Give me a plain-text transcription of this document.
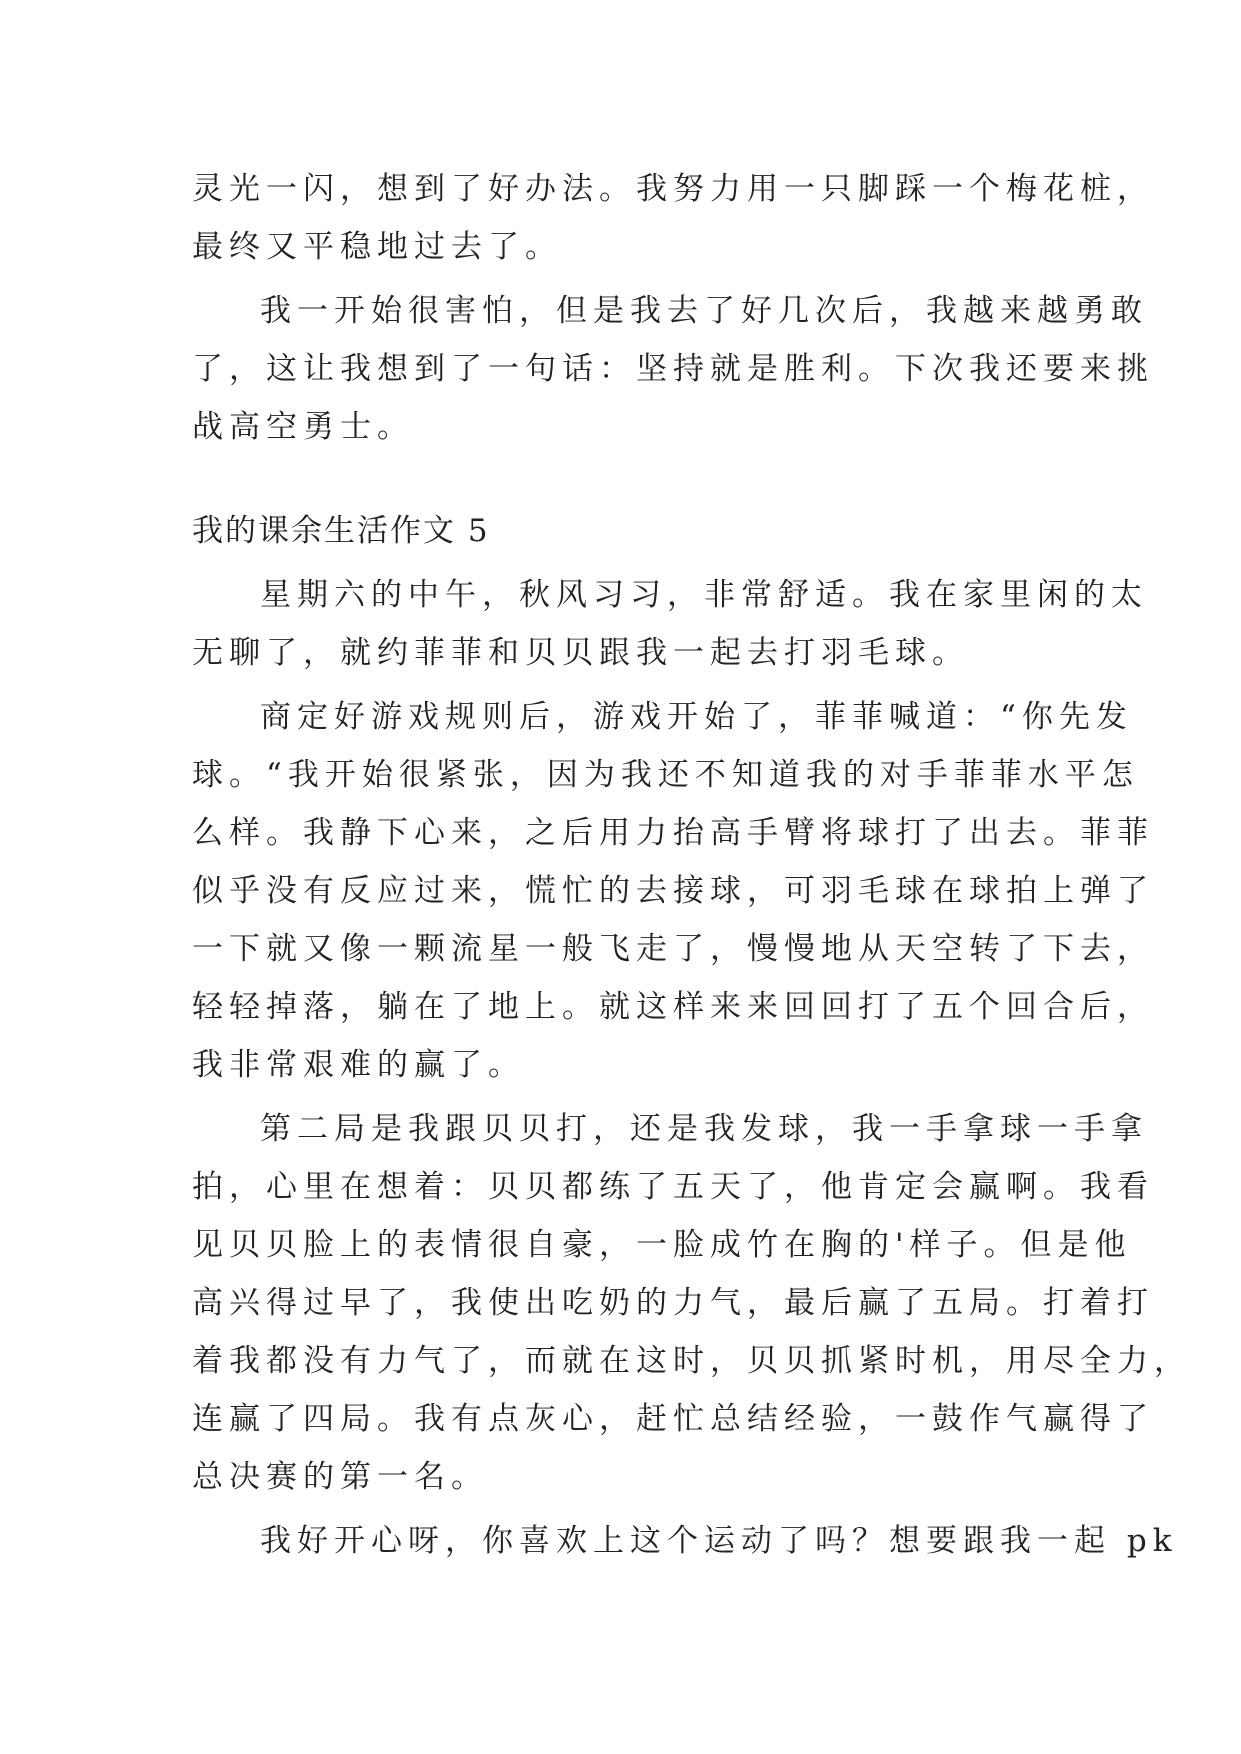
灵光一闪，想到了好办法。我努力用一只脚踩一个梅花桩，
最终又平稳地过去了。
我一开始很害怕，但是我去了好几次后，我越来越勇敢
了，这让我想到了一句话：坚持就是胜利。下次我还要来挑
战高空勇士。
我的课余生活作文 5
星期六的中午，秋风习习，非常舒适。我在家里闲的太
无聊了，就约菲菲和贝贝跟我一起去打羽毛球。
商定好游戏规则后，游戏开始了，菲菲喊道：“你先发
球。“我开始很紧张，因为我还不知道我的对手菲菲水平怎
么样。我静下心来，之后用力抬高手臂将球打了出去。菲菲
似乎没有反应过来，慌忙的去接球，可羽毛球在球拍上弹了
一下就又像一颗流星一般飞走了，慢慢地从天空转了下去，
轻轻掉落，躺在了地上。就这样来来回回打了五个回合后，
我非常艰难的赢了。
第二局是我跟贝贝打，还是我发球，我一手拿球一手拿
拍，心里在想着：贝贝都练了五天了，他肯定会赢啊。我看
见贝贝脸上的表情很自豪，一脸成竹在胸的'样子。但是他
高兴得过早了，我使出吃奶的力气，最后赢了五局。打着打
着我都没有力气了，而就在这时，贝贝抓紧时机，用尽全力，
连赢了四局。我有点灰心，赶忙总结经验，一鼓作气赢得了
总决赛的第一名。
我好开心呀，你喜欢上这个运动了吗？想要跟我一起 pk
